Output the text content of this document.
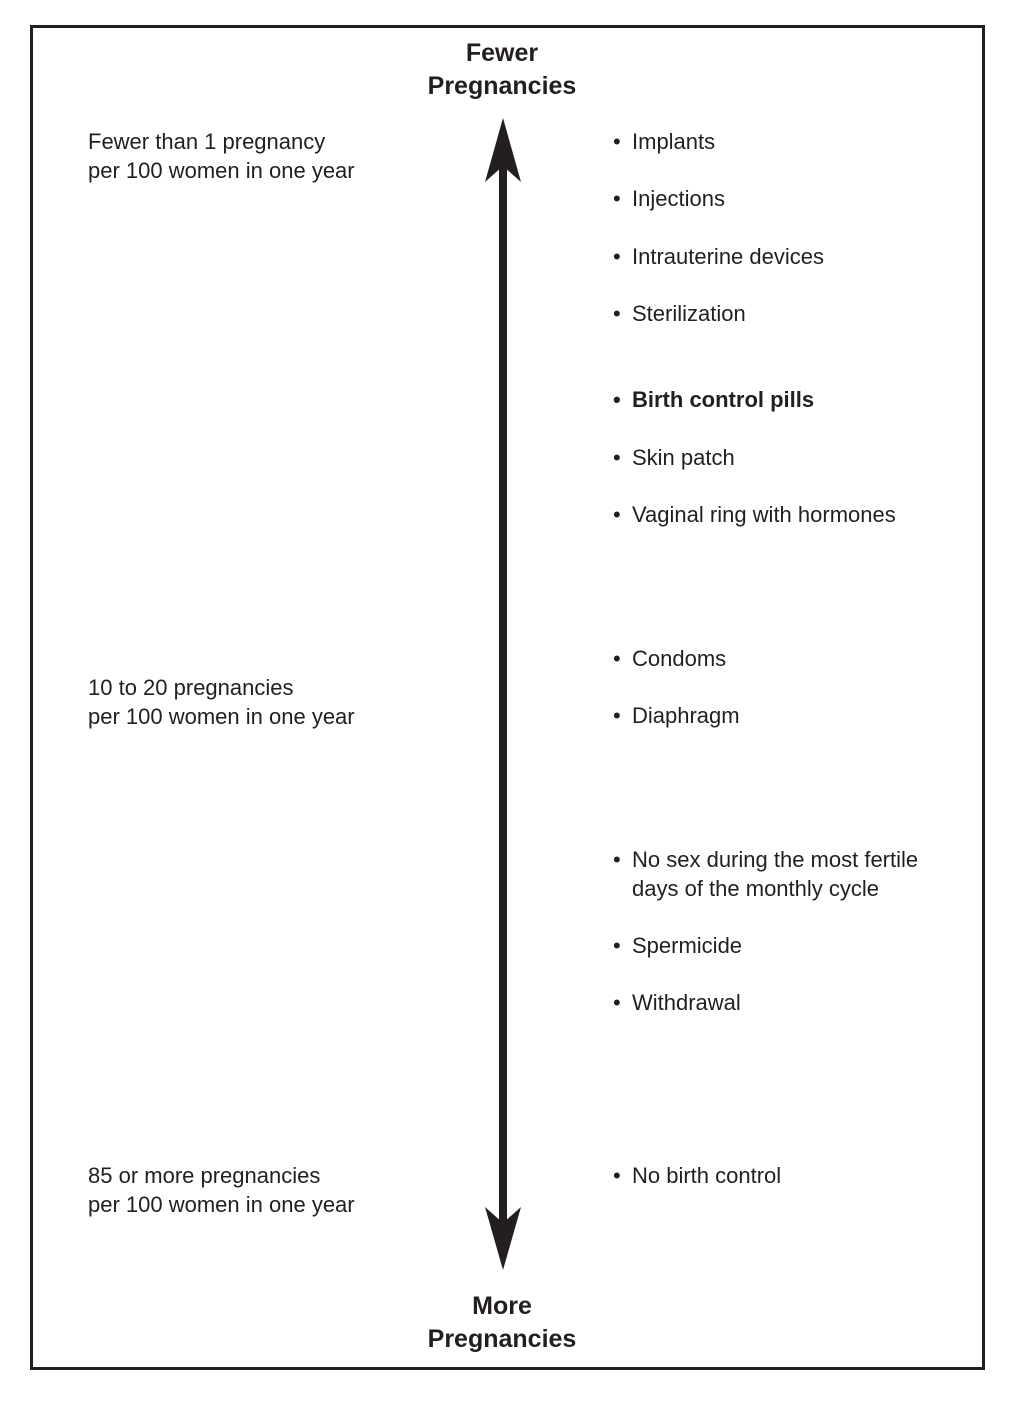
Fewer
Pregnancies
More
Pregnancies
Fewer than 1 pregnancy
per 100 women in one year
10 to 20 pregnancies
per 100 women in one year
85 or more pregnancies
per 100 women in one year
• Implants
• Injections
• Intrauterine devices
• Sterilization
• Birth control pills
• Skin patch
• Vaginal ring with hormones
• Condoms
• Diaphragm
• No sex during the most fertile
days of the monthly cycle
• Spermicide
• Withdrawal
• No birth control
